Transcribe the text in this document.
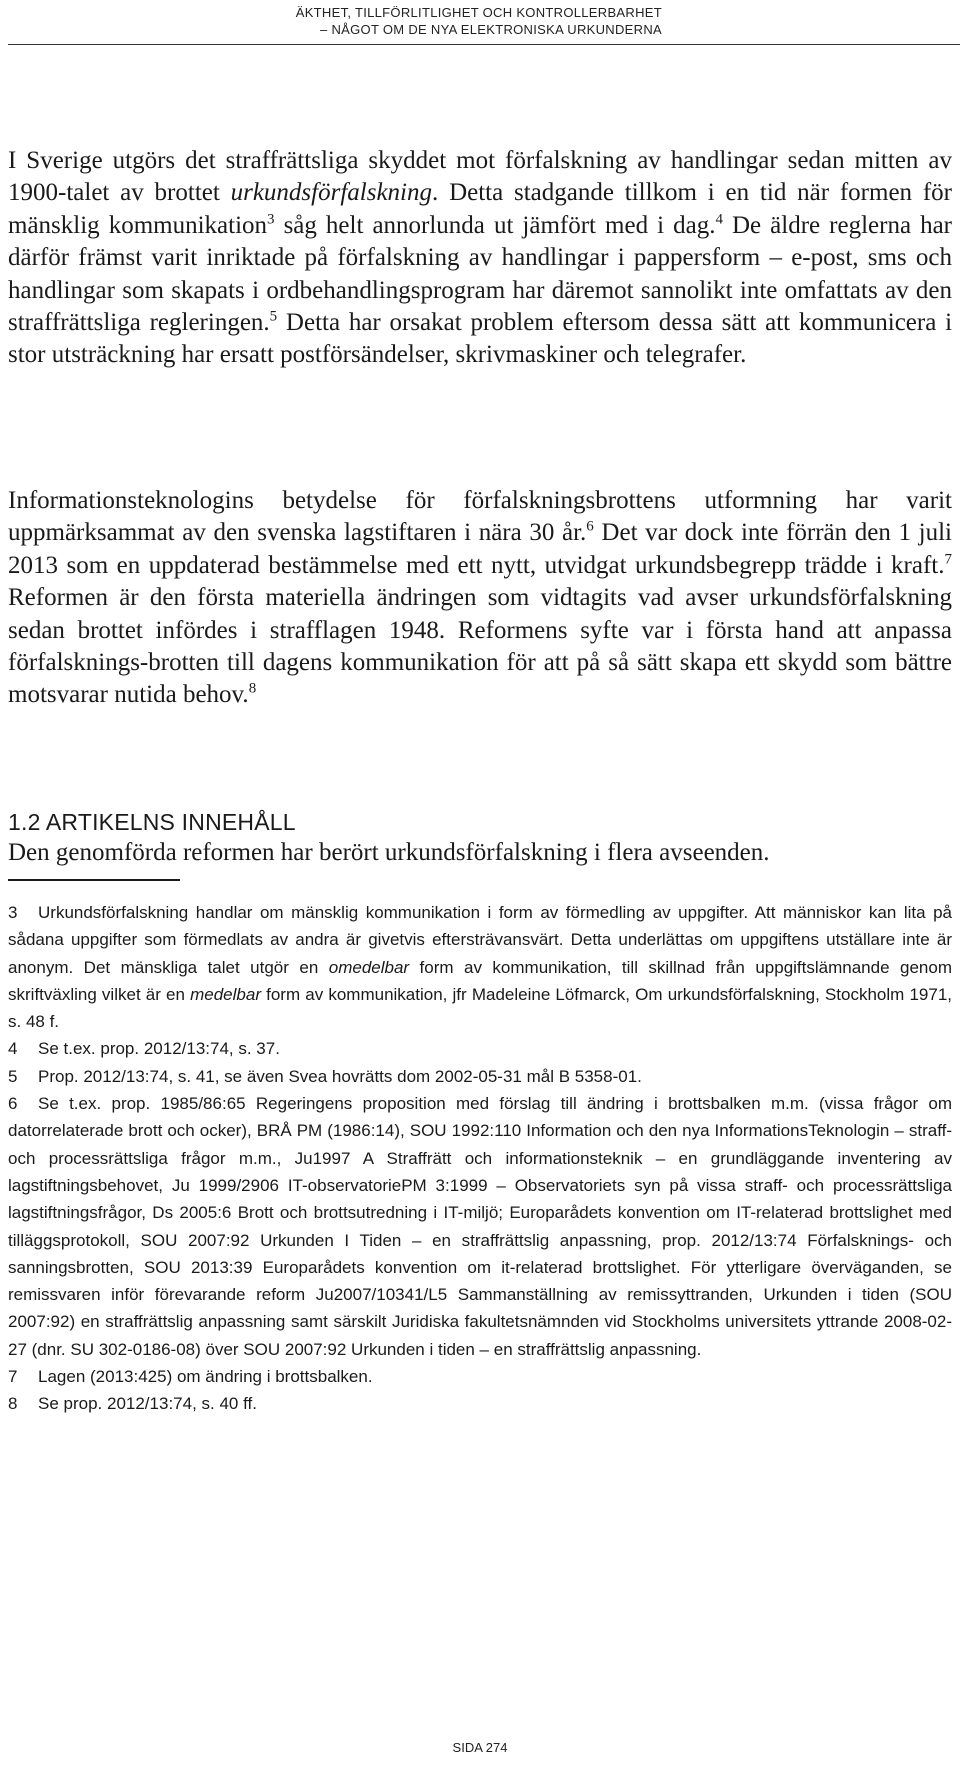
ÄKTHET, TILLFÖRLITLIGHET OCH KONTROLLERBARHET
– NÅGOT OM DE NYA ELEKTRONISKA URKUNDERNA

I Sverige utgörs det straffrättsliga skyddet mot förfalskning av handlingar sedan mitten av 1900-talet av brottet urkundsförfalskning. Detta stadgande tillkom i en tid när formen för mänsklig kommunikation$^3$ såg helt annorlunda ut jämfört med i dag.$^4$ De äldre reglerna har därför främst varit inriktade på förfalskning av handlingar i pappersform – e-post, sms och handlingar som skapats i ordbehandlingsprogram har däremot sannolikt inte omfattats av den straffrättsliga regleringen.$^5$ Detta har orsakat problem eftersom dessa sätt att kommunicera i stor utsträckning har ersatt postförsändelser, skrivmaskiner och telegrafer.

Informationsteknologins betydelse för förfalskningsbrottens utformning har varit uppmärksammat av den svenska lagstiftaren i nära 30 år.$^6$ Det var dock inte förrän den 1 juli 2013 som en uppdaterad bestämmelse med ett nytt, utvidgat urkundsbegrepp trädde i kraft.$^7$ Reformen är den första materiella ändringen som vidtagits vad avser urkundsförfalskning sedan brottet infördes i strafflagen 1948. Reformens syfte var i första hand att anpassa förfalsknings-brotten till dagens kommunikation för att på så sätt skapa ett skydd som bättre motsvarar nutida behov.$^8$

1.2 ARTIKELNS INNEHÅLL

Den genomförda reformen har berört urkundsförfalskning i flera avseenden.

3 Urkundsförfalskning handlar om mänsklig kommunikation i form av förmedling av uppgifter. Att människor kan lita på sådana uppgifter som förmedlats av andra är givetvis eftersträvansvärt. Detta underlättas om uppgiftens utställare inte är anonym. Det mänskliga talet utgör en omedelbar form av kommunikation, till skillnad från uppgiftslämnande genom skriftväxling vilket är en medelbar form av kommunikation, jfr Madeleine Löfmarck, Om urkundsförfalskning, Stockholm 1971, s. 48 f.

4 Se t.ex. prop. 2012/13:74, s. 37.

5 Prop. 2012/13:74, s. 41, se även Svea hovrätts dom 2002-05-31 mål B 5358-01.

6 Se t.ex. prop. 1985/86:65 Regeringens proposition med förslag till ändring i brottsbalken m.m. (vissa frågor om datorrelaterade brott och ocker), BRÅ PM (1986:14), SOU 1992:110 Information och den nya InformationsTeknologin – straff- och processrättsliga frågor m.m., Ju1997 A Straffrätt och informationsteknik – en grundläggande inventering av lagstiftningsbehovet, Ju 1999/2906 IT-observatoriePM 3:1999 – Observatoriets syn på vissa straff- och processrättsliga lagstiftningsfrågor, Ds 2005:6 Brott och brottsutredning i IT-miljö; Europarådets konvention om IT-relaterad brottslighet med tilläggsprotokoll, SOU 2007:92 Urkunden I Tiden – en straffrättslig anpassning, prop. 2012/13:74 Förfalsknings- och sanningsbrotten, SOU 2013:39 Europarådets konvention om it-relaterad brottslighet. För ytterligare överväganden, se remissvaren inför förevarande reform Ju2007/10341/L5 Sammanställning av remissyttranden, Urkunden i tiden (SOU 2007:92) en straffrättslig anpassning samt särskilt Juridiska fakultetsnämnden vid Stockholms universitets yttrande 2008-02-27 (dnr. SU 302-0186-08) över SOU 2007:92 Urkunden i tiden – en straffrättslig anpassning.

7 Lagen (2013:425) om ändring i brottsbalken.

8 Se prop. 2012/13:74, s. 40 ff.

SIDA 274
